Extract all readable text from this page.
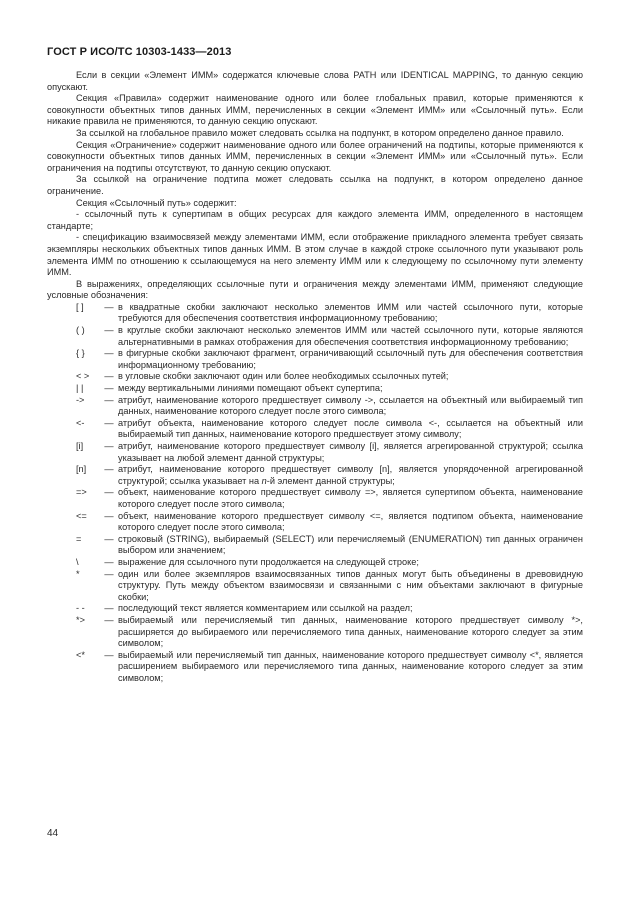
ГОСТ Р ИСО/ТС 10303-1433—2013

Если в секции «Элемент ИММ» содержатся ключевые слова PATH или IDENTICAL MAPPING, то данную секцию опускают.

Секция «Правила» содержит наименование одного или более глобальных правил, которые применяются к совокупности объектных типов данных ИММ, перечисленных в секции «Элемент ИММ» или «Ссылочный путь». Если никакие правила не применяются, то данную секцию опускают.

За ссылкой на глобальное правило может следовать ссылка на подпункт, в котором определено данное правило.

Секция «Ограничение» содержит наименование одного или более ограничений на подтипы, которые применяются к совокупности объектных типов данных ИММ, перечисленных в секции «Элемент ИММ» или «Ссылочный путь». Если ограничения на подтипы отсутствуют, то данную секцию опускают.

За ссылкой на ограничение подтипа может следовать ссылка на подпункт, в котором определено данное ограничение.

Секция «Ссылочный путь» содержит:

- ссылочный путь к супертипам в общих ресурсах для каждого элемента ИММ, определенного в настоящем стандарте;

- спецификацию взаимосвязей между элементами ИММ, если отображение прикладного элемента требует связать экземпляры нескольких объектных типов данных ИММ. В этом случае в каждой строке ссылочного пути указывают роль элемента ИММ по отношению к ссылающемуся на него элементу ИММ или к следующему по ссылочному пути элементу ИММ.

В выражениях, определяющих ссылочные пути и ограничения между элементами ИММ, применяют следующие условные обозначения:

[ ]	— в квадратные скобки заключают несколько элементов ИММ или частей ссылочного пути, которые требуются для обеспечения соответствия информационному требованию;
( )	— в круглые скобки заключают несколько элементов ИММ или частей ссылочного пути, которые являются альтернативными в рамках отображения для обеспечения соответствия информационному требованию;
{ }	— в фигурные скобки заключают фрагмент, ограничивающий ссылочный путь для обеспечения соответствия информационному требованию;
< >	— в угловые скобки заключают один или более необходимых ссылочных путей;
| |	— между вертикальными линиями помещают объект супертипа;
->	— атрибут, наименование которого предшествует символу ->, ссылается на объектный или выбираемый тип данных, наименование которого следует после этого символа;
<-	— атрибут объекта, наименование которого следует после символа <-, ссылается на объектный или выбираемый тип данных, наименование которого предшествует этому символу;
[i]	— атрибут, наименование которого предшествует символу [i], является агрегированной структурой; ссылка указывает на любой элемент данной структуры;
[n]	— атрибут, наименование которого предшествует символу [n], является упорядоченной агрегированной структурой; ссылка указывает на n-й элемент данной структуры;
=>	— объект, наименование которого предшествует символу =>, является супертипом объекта, наименование которого следует после этого символа;
<=	— объект, наименование которого предшествует символу <=, является подтипом объекта, наименование которого следует после этого символа;
=	— строковый (STRING), выбираемый (SELECT) или перечисляемый (ENUMERATION) тип данных ограничен выбором или значением;
\	— выражение для ссылочного пути продолжается на следующей строке;
*	— один или более экземпляров взаимосвязанных типов данных могут быть объединены в древовидную структуру. Путь между объектом взаимосвязи и связанными с ним объектами заключают в фигурные скобки;
- -	— последующий текст является комментарием или ссылкой на раздел;
*>	— выбираемый или перечисляемый тип данных, наименование которого предшествует символу *>, расширяется до выбираемого или перечисляемого типа данных, наименование которого следует за этим символом;
<*	— выбираемый или перечисляемый тип данных, наименование которого предшествует символу <*, является расширением выбираемого или перечисляемого типа данных, наименование которого следует за этим символом;
44
